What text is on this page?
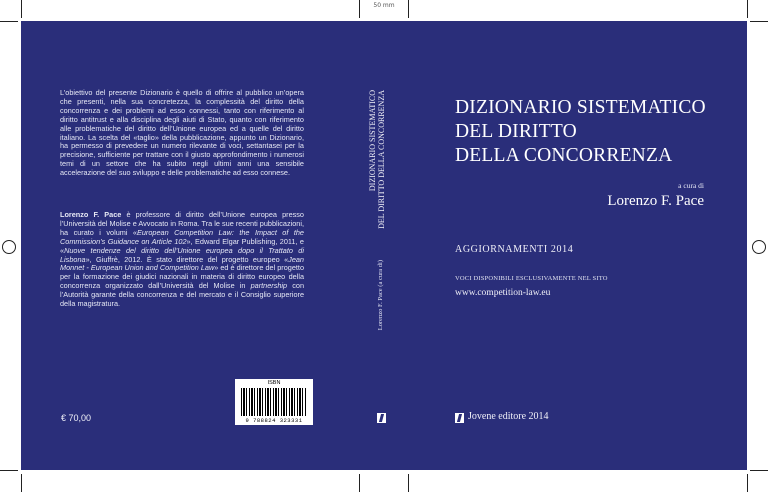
50 mm
L’obiettivo del presente Dizionario è quello di offrire al pubblico un’opera che presenti, nella sua concretezza, la complessità del diritto della concorrenza e dei problemi ad esso connessi, tanto con riferimento al diritto antitrust e alla disciplina degli aiuti di Stato, quanto con riferimento alle problematiche del diritto dell’Unione europea ed a quelle del diritto italiano. La scelta del «taglio» della pubblicazione, appunto un Dizionario, ha permesso di prevedere un numero rilevante di voci, settantasei per la precisione, sufficiente per trattare con il giusto approfondimento i numerosi temi di un settore che ha subito negli ultimi anni una sensibile accelerazione del suo sviluppo e delle problematiche ad esso connese.
Lorenzo F. Pace è professore di diritto dell’Unione europea presso l’Università del Molise e Avvocato in Roma. Tra le sue recenti pubblicazioni, ha curato i volumi «European Competition Law: the Impact of the Commission’s Guidance on Article 102», Edward Elgar Publishing, 2011, e «Nuove tendenze del diritto dell’Unione europea dopo il Trattato di Lisbona», Giuffrè, 2012. È stato direttore del progetto europeo «Jean Monnet - European Union and Competition Law» ed è direttore del progetto per la formazione dei giudici nazionali in materia di diritto europeo della concorrenza organizzato dall’Università del Molise in partnership con l’Autorità garante della concorrenza e del mercato e il Consiglio superiore della magistratura.
€ 70,00
ISBN
9 788824 323331
DIZIONARIO SISTEMATICO DEL DIRITTO DELLA CONCORRENZA
Lorenzo F. Pace (a cura di)
DIZIONARIO SISTEMATICO
DEL DIRITTO
DELLA CONCORRENZA
a cura di
Lorenzo F. Pace
AGGIORNAMENTI 2014
VOCI DISPONIBILI ESCLUSIVAMENTE NEL SITO
www.competition-law.eu
Jovene editore 2014
